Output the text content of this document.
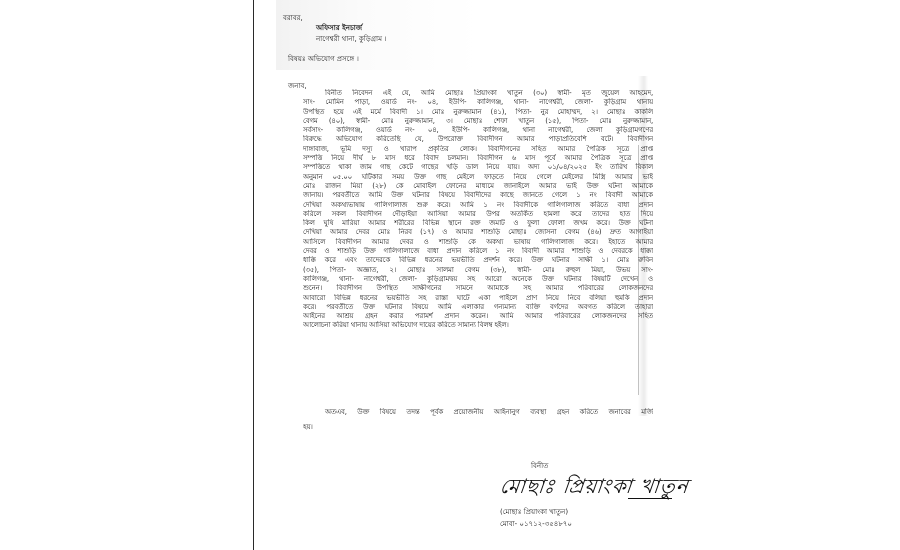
বরাবর,
অফিসার ইনচার্জ
নাগেশ্বরী থানা, কুড়িগ্রাম ।
বিষয়ঃ অভিযোগ প্রসঙ্গে ।
জনাব,
বিনীত নিবেদন এই যে, আমি মোছাঃ প্রিয়াংকা খাতুন (৩০) স্বামী- মৃত জুয়েল আহমেদ,
সাং- মোমিন পাড়া, ওয়ার্ড নং- ০৪, ইউপি- কালিগঞ্জ, থানা- নাগেশ্বরী, জেলা- কুড়িগ্রাম থানায়
উপস্থিত হয়ে এই মর্মে বিবাদী ১। মোঃ নুরুজ্জামান (৪১), পিতা- নুর মোহাম্মদ, ২। মোছাঃ কাকলি
বেগম (৪০), স্বামী- মোঃ নুরুজ্জামান, ৩। মোছাঃ শেফা খাতুন (১৫), পিতা- মোঃ নুরুজ্জামান,
সর্বসাং- কালিগঞ্জ, ওয়ার্ড নং- ০৪, ইউপি- কালিগঞ্জ, থানা নাগেশ্বরী, জেলা কুড়িগ্রামগণের
বিরুদ্ধে অভিযোগ করিতেছি যে, উপরোক্ত বিবাদীগন আমার পাড়াপ্রতিবেশি বটে। বিবাদীগন
দাঙ্গাবাজ, ভূমি দস্যু ও খারাপ প্রকৃতির লোক। বিবাদীগনের সহিত আমার পৈত্রিক সূত্রে প্রাপ্ত
সম্পত্তি নিয়ে দীর্ঘ ৮ মাস ধরে বিবাদ চলমান। বিবাদীগন ৬ মাস পূর্বে আমার পৈত্রিক সূত্রে প্রাপ্ত
সম্পত্তিতে থাকা জাম গাছ কেটে গাছের খড়ি ডাল নিয়ে যায়। অদ্য ০১/০৪/২০২৫ ইং তারিখ বিকাল
অনুমান ০৫.০০ ঘটিকার সময় উক্ত গাছ মেইলে ফাড়তে নিয়ে গেলে মেইলের মিস্ত্রি আমার ভাই
মোঃ রাজন মিয়া (২৮) কে মোবাইল ফোনের মাধ্যমে জানাইলে আমার ভাই উক্ত ঘটনা আমাকে
জানায়। পরবর্তীতে আমি উক্ত ঘটনার বিষয়ে বিবাদীদের কাছে জানতে গেলে ১ নং বিবাদী আমাকে
দেখিয়া অকথ্যভাষায় গালিগালাজ শুরু করে। আমি ১ নং বিবাদীকে গালিগালাজ করিতে বাধা প্রদান
করিলে সকল বিবাদীগন দৌড়াইয়া আসিয়া আমার উপর অতর্কিত হামলা করে তাদের হাত দিয়ে
কিল ঘুষি মারিয়া আমার শরীরের বিভিন্ন স্থানে রক্ত জমাট ও ফুলা ফোলা জখম করে। উক্ত ঘটনা
দেখিয়া আমার দেবর মোঃ নিরব (১৭) ও আমার শাশুড়ি মোছাঃ জোসনা বেগম (৪৬) দ্রুত আগাইয়া
আসিলে বিবাদীগন আমার দেবর ও শাশুড়ি কে অকথ্য ভাষায় গালিগালাজ করে। ইহাতে আমার
দেবর ও শাশুড়ি উক্ত গালিগালাজে বাধা প্রদান করিলে ১ নং বিবাদী আমার শাশুড়ি ও দেবরকে ধাক্কা
ধাক্কি করে এবং তাদেরকে বিভিন্ন ধরনের ভয়ভীতি প্রদর্শন করে। উক্ত ঘটনার সাক্ষী ১। মোঃ রুবিন
(৩৫), পিতা- অজ্ঞাত, ২। মোছাঃ সালমা বেগম (৩৮), স্বামী- মোঃ রুহুল মিয়া, উভয় সাং-
কালিগঞ্জ, থানা- নাগেশ্বরী, জেলা- কুড়িগ্রামদ্বয় সহ আরো অনেকে উক্ত ঘটনার বিষয়টি দেখেন ও
শুনেন। বিবাদীগন উপস্থিত সাক্ষীগনের সামনে আমাকে সহ আমার পরিবারের লোকজনদের
আবারো বিভিন্ন ধরনের ভয়ভীতি সহ রাস্তা ঘাটে একা পাইলে প্রাণ নিয়ে নিবে বলিয়া হুমকি প্রদান
করে। পরবর্তীতে উক্ত ঘটনার বিষয়ে আমি এলাকার গন্যমান্য ব্যক্তি বর্গদের অবগত করিলে তাহারা
আইনের আশ্রয় গ্রহন করার পরামর্শ প্রদান করেন। আমি আমার পরিবারের লোকজনদের সহিত
আলোচনা করিয়া থানায় আসিয়া অভিযোগ দায়ের করিতে সামান্য বিলম্ব হইল।
অতএব, উক্ত বিষয়ে তদন্ত পূর্বক প্রয়োজনীয় আইনানুগ ব্যবস্থা গ্রহন করিতে জনাবের মর্জি
হয়।
বিনীত
মোছাঃ প্রিয়াংকা খাতুন
(মোছাঃ প্রিয়াংকা খাতুন)
মোবা- ০১৭১২-৩৫৪৮৭০
